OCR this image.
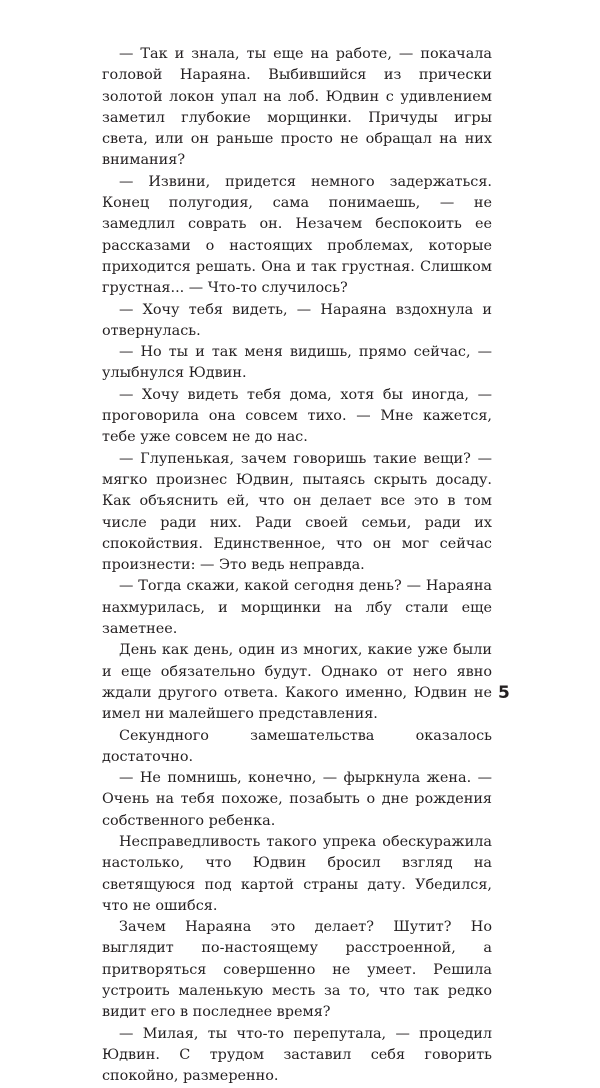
— Так и знала, ты еще на работе, — покачала головой Нараяна. Выбившийся из прически золотой локон упал на лоб. Юдвин с удивлением заметил глубокие морщинки. Причуды игры света, или он раньше просто не обращал на них внимания?

— Извини, придется немного задержаться. Конец полугодия, сама понимаешь, — не замедлил соврать он. Незачем беспокоить ее рассказами о настоящих проблемах, которые приходится решать. Она и так грустная. Слишком грустная... — Что-то случилось?

— Хочу тебя видеть, — Нараяна вздохнула и отвернулась.

— Но ты и так меня видишь, прямо сейчас, — улыбнулся Юдвин.

— Хочу видеть тебя дома, хотя бы иногда, — проговорила она совсем тихо. — Мне кажется, тебе уже совсем не до нас.

— Глупенькая, зачем говоришь такие вещи? — мягко произнес Юдвин, пытаясь скрыть досаду. Как объяснить ей, что он делает все это в том числе ради них. Ради своей семьи, ради их спокойствия. Единственное, что он мог сейчас произнести: — Это ведь неправда.

— Тогда скажи, какой сегодня день? — Нараяна нахмурилась, и морщинки на лбу стали еще заметнее.

День как день, один из многих, какие уже были и еще обязательно будут. Однако от него явно ждали другого ответа. Какого именно, Юдвин не имел ни малейшего представления.

Секундного замешательства оказалось достаточно.

— Не помнишь, конечно, — фыркнула жена. — Очень на тебя похоже, позабыть о дне рождения собственного ребенка.

Несправедливость такого упрека обескуражила настолько, что Юдвин бросил взгляд на светящуюся под картой страны дату. Убедился, что не ошибся.

Зачем Нараяна это делает? Шутит? Но выглядит по-настоящему расстроенной, а притворяться совершенно не умеет. Решила устроить маленькую месть за то, что так редко видит его в последнее время?

— Милая, ты что-то перепутала, — процедил Юдвин. С трудом заставил себя говорить спокойно, размеренно.

5
